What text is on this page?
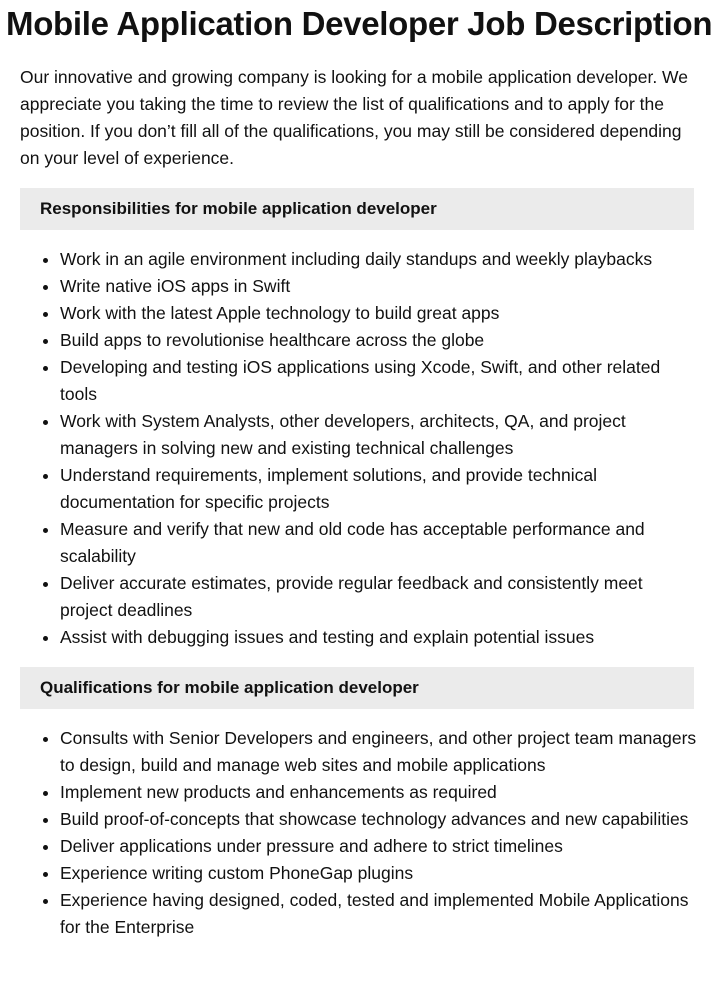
Mobile Application Developer Job Description

Our innovative and growing company is looking for a mobile application developer. We appreciate you taking the time to review the list of qualifications and to apply for the position. If you don’t fill all of the qualifications, you may still be considered depending on your level of experience.

Responsibilities for mobile application developer
• Work in an agile environment including daily standups and weekly playbacks
• Write native iOS apps in Swift
• Work with the latest Apple technology to build great apps
• Build apps to revolutionise healthcare across the globe
• Developing and testing iOS applications using Xcode, Swift, and other related tools
• Work with System Analysts, other developers, architects, QA, and project managers in solving new and existing technical challenges
• Understand requirements, implement solutions, and provide technical documentation for specific projects
• Measure and verify that new and old code has acceptable performance and scalability
• Deliver accurate estimates, provide regular feedback and consistently meet project deadlines
• Assist with debugging issues and testing and explain potential issues
Qualifications for mobile application developer
• Consults with Senior Developers and engineers, and other project team managers to design, build and manage web sites and mobile applications
• Implement new products and enhancements as required
• Build proof-of-concepts that showcase technology advances and new capabilities
• Deliver applications under pressure and adhere to strict timelines
• Experience writing custom PhoneGap plugins
• Experience having designed, coded, tested and implemented Mobile Applications for the Enterprise
